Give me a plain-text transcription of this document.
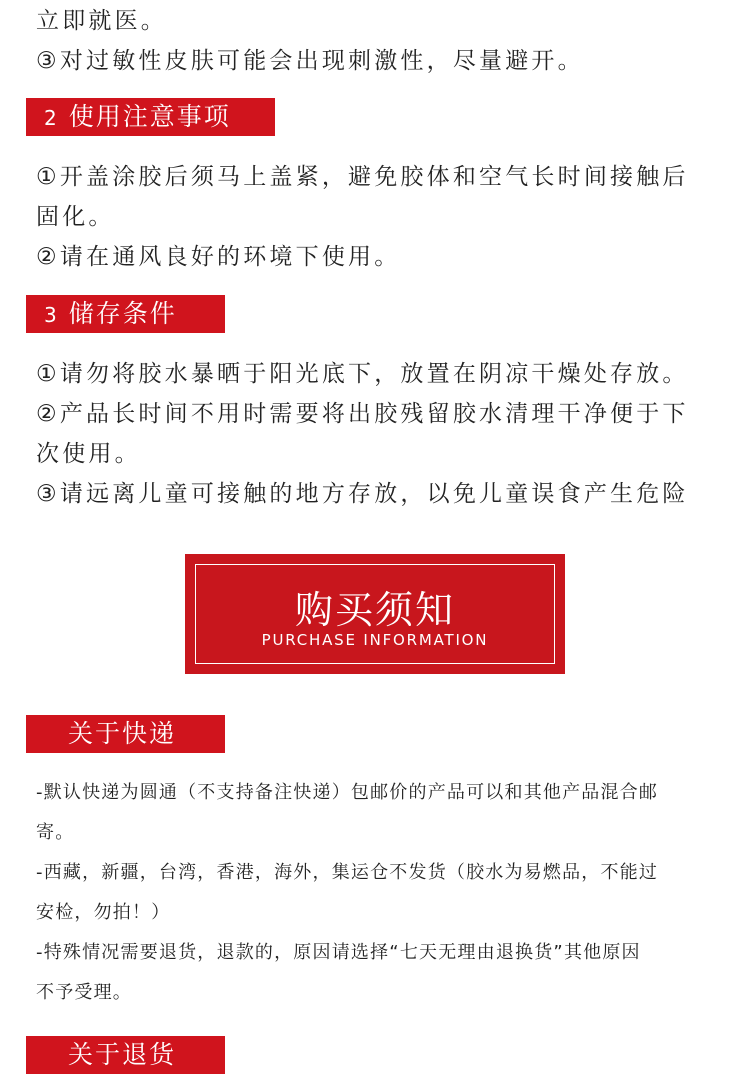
立即就医。
③对过敏性皮肤可能会出现刺激性，尽量避开。
2 使用注意事项
①开盖涂胶后须马上盖紧，避免胶体和空气长时间接触后
固化。
②请在通风良好的环境下使用。
3 储存条件
①请勿将胶水暴晒于阳光底下，放置在阴凉干燥处存放。
②产品长时间不用时需要将出胶残留胶水清理干净便于下
次使用。
③请远离儿童可接触的地方存放，以免儿童误食产生危险
购买须知
PURCHASE INFORMATION
关于快递
-默认快递为圆通（不支持备注快递）包邮价的产品可以和其他产品混合邮
寄。
-西藏，新疆，台湾，香港，海外，集运仓不发货（胶水为易燃品，不能过
安检，勿拍！）
-特殊情况需要退货，退款的，原因请选择“七天无理由退换货”其他原因
不予受理。
关于退货
